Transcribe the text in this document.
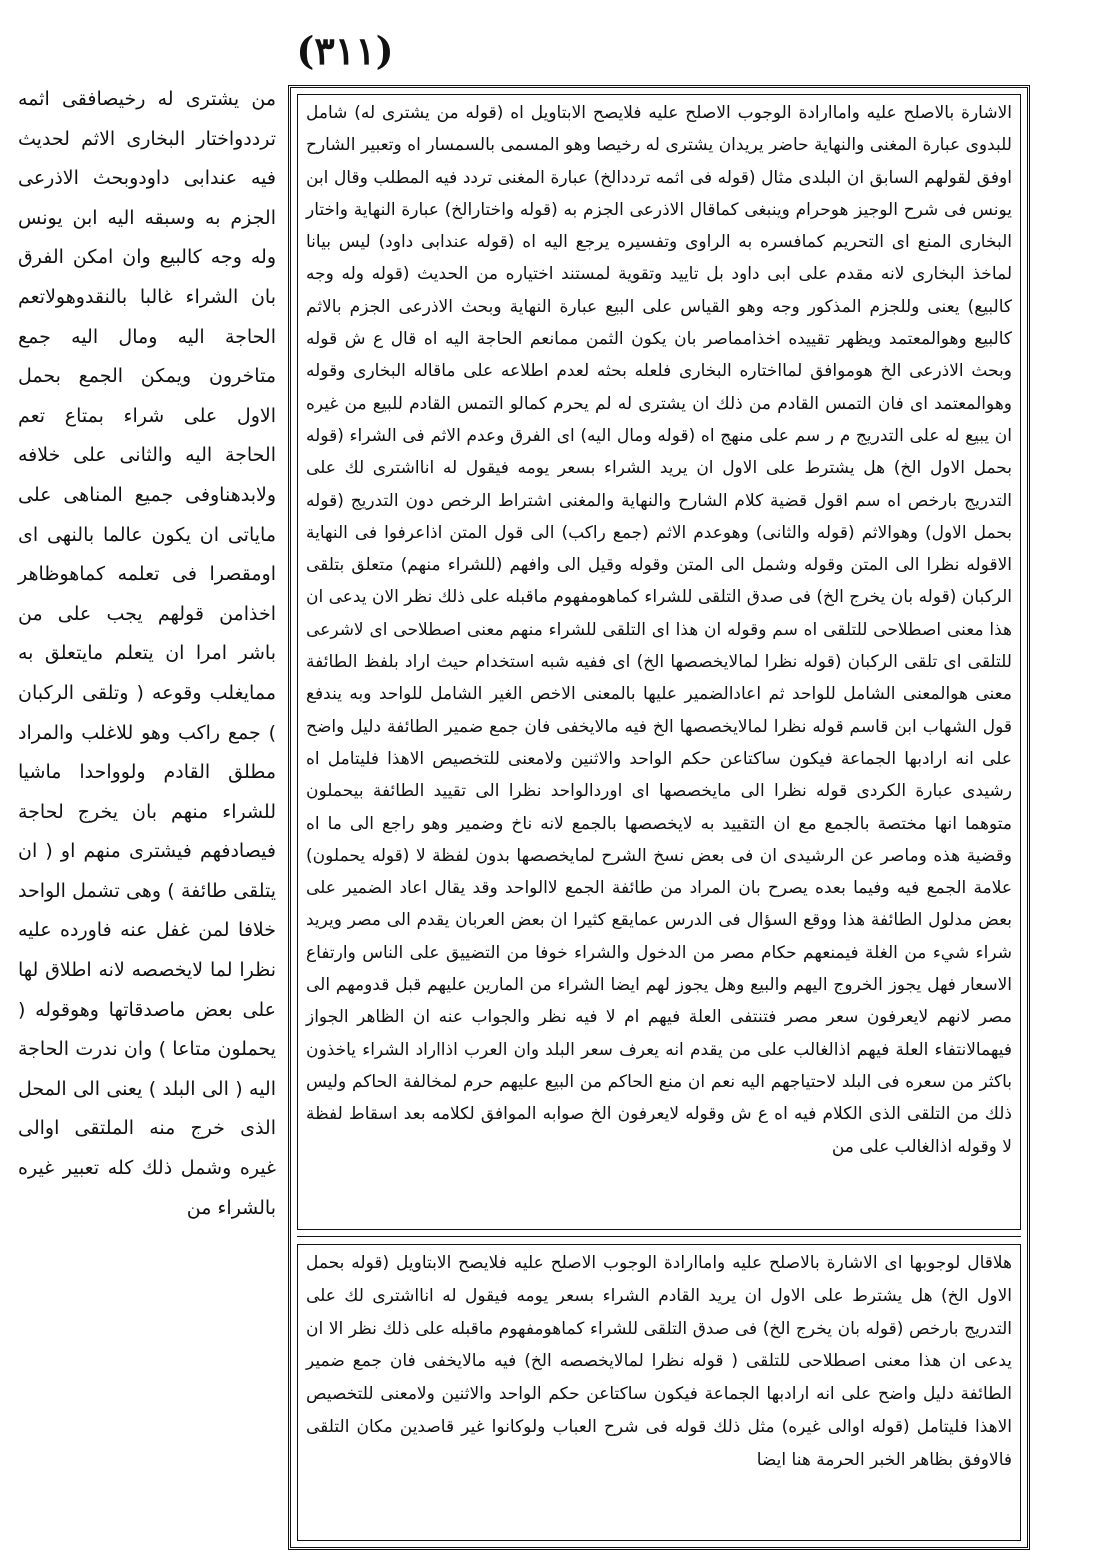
(٣١١)

من يشترى له رخيصافقى اثمه ترددواختار البخارى الاثم لحديث فيه عندابى داودوبحث الاذرعى الجزم به وسبقه اليه ابن يونس وله وجه كالبيع وان امكن الفرق بان الشراء غالبا بالنقدوهولاتعم الحاجة اليه ومال اليه جمع متاخرون ويمكن الجمع بحمل الاول على شراء بمتاع تعم الحاجة اليه والثانى على خلافه ولابدهناوفى جميع المناهى على ماياتى ان يكون عالما بالنهى اى اومقصرا فى تعلمه كماهوظاهر اخذامن قولهم يجب على من باشر امرا ان يتعلم مايتعلق به ممايغلب وقوعه ( وتلقى الركبان ) جمع راكب وهو للاغلب والمراد مطلق القادم ولوواحدا ماشيا للشراء منهم بان يخرج لحاجة فيصادفهم فيشترى منهم او ( ان يتلقى طائفة ) وهى تشمل الواحد خلافا لمن غفل عنه فاورده عليه نظرا لما لايخصصه لانه اطلاق لها على بعض ماصدقاتها وهوقوله ( يحملون متاعا ) وان ندرت الحاجة اليه ( الى البلد ) يعنى الى المحل الذى خرج منه الملتقى اوالى غيره وشمل ذلك كله تعبير غيره بالشراء من

الاشارة بالاصلح عليه واماارادة الوجوب الاصلح عليه فلايصح الابتاويل اه (قوله من يشترى له) شامل للبدوى عبارة المغنى والنهاية حاضر يريدان يشترى له رخيصا وهو المسمى بالسمسار اه وتعبير الشارح اوفق لقولهم السابق ان البلدى مثال (قوله فى اثمه ترددالخ) عبارة المغنى تردد فيه المطلب وقال ابن يونس فى شرح الوجيز هوحرام وينبغى كماقال الاذرعى الجزم به (قوله واختارالخ) عبارة النهاية واختار البخارى المنع اى التحريم كمافسره به الراوى وتفسيره يرجع اليه اه (قوله عندابى داود) ليس بيانا لماخذ البخارى لانه مقدم على ابى داود بل تاييد وتقوية لمستند اختياره من الحديث (قوله وله وجه كالبيع) يعنى وللجزم المذكور وجه وهو القياس على البيع عبارة النهاية وبحث الاذرعى الجزم بالاثم كالبيع وهوالمعتمد ويظهر تقييده اخذامماصر بان يكون الثمن ممانعم الحاجة اليه اه قال ع ش قوله وبحث الاذرعى الخ هوموافق لمااختاره البخارى فلعله بحثه لعدم اطلاعه على ماقاله البخارى وقوله وهوالمعتمد اى فان التمس القادم من ذلك ان يشترى له لم يحرم كمالو التمس القادم للبيع من غيره ان يبيع له على التدريج م ر سم على منهج اه (قوله ومال اليه) اى الفرق وعدم الاثم فى الشراء (قوله بحمل الاول الخ) هل يشترط على الاول ان يريد الشراء بسعر يومه فيقول له انااشترى لك على التدريج بارخص اه سم اقول قضية كلام الشارح والنهاية والمغنى اشتراط الرخص دون التدريج (قوله بحمل الاول) وهوالاثم (قوله والثانى) وهوعدم الاثم (جمع راكب) الى قول المتن اذاعرفوا فى النهاية الاقوله نظرا الى المتن وقوله وشمل الى المتن وقوله وقيل الى وافهم (للشراء منهم) متعلق بتلقى الركبان (قوله بان يخرج الخ) فى صدق التلقى للشراء كماهومفهوم ماقبله على ذلك نظر الان يدعى ان هذا معنى اصطلاحى للتلقى اه سم وقوله ان هذا اى التلقى للشراء منهم معنى اصطلاحى اى لاشرعى للتلقى اى تلقى الركبان (قوله نظرا لمالايخصصها الخ) اى ففيه شبه استخدام حيث اراد بلفظ الطائفة معنى هوالمعنى الشامل للواحد ثم اعادالضمير عليها بالمعنى الاخص الغير الشامل للواحد وبه يندفع قول الشهاب ابن قاسم قوله نظرا لمالايخصصها الخ فيه مالايخفى فان جمع ضمير الطائفة دليل واضح على انه ارادبها الجماعة فيكون ساكتاعن حكم الواحد والاثنين ولامعنى للتخصيص الاهذا فليتامل اه رشيدى عبارة الكردى قوله نظرا الى مايخصصها اى اوردالواحد نظرا الى تقييد الطائفة بيحملون متوهما انها مختصة بالجمع مع ان التقييد به لايخصصها بالجمع لانه ناخ وضمير وهو راجع الى ما اه وقضية هذه وماصر عن الرشيدى ان فى بعض نسخ الشرح لمايخصصها بدون لفظة لا (قوله يحملون) علامة الجمع فيه وفيما بعده يصرح بان المراد من طائفة الجمع لاالواحد وقد يقال اعاد الضمير على بعض مدلول الطائفة هذا ووقع السؤال فى الدرس عمايقع كثيرا ان بعض العربان يقدم الى مصر ويريد شراء شيء من الغلة فيمنعهم حكام مصر من الدخول والشراء خوفا من التضييق على الناس وارتفاع الاسعار فهل يجوز الخروج اليهم والبيع وهل يجوز لهم ايضا الشراء من المارين عليهم قبل قدومهم الى مصر لانهم لايعرفون سعر مصر فتنتفى العلة فيهم ام لا فيه نظر والجواب عنه ان الظاهر الجواز فيهمالانتفاء العلة فيهم اذالغالب على من يقدم انه يعرف سعر البلد وان العرب اذااراد الشراء ياخذون باكثر من سعره فى البلد لاحتياجهم اليه نعم ان منع الحاكم من البيع عليهم حرم لمخالفة الحاكم وليس ذلك من التلقى الذى الكلام فيه اه ع ش وقوله لايعرفون الخ صوابه الموافق لكلامه بعد اسقاط لفظة لا وقوله اذالغالب على من

هلاقال لوجوبها اى الاشارة بالاصلح عليه واماارادة الوجوب الاصلح عليه فلايصح الابتاويل (قوله بحمل الاول الخ) هل يشترط على الاول ان يريد القادم الشراء بسعر يومه فيقول له انااشترى لك على التدريج بارخص (قوله بان يخرج الخ) فى صدق التلقى للشراء كماهومفهوم ماقبله على ذلك نظر الا ان يدعى ان هذا معنى اصطلاحى للتلقى ( قوله نظرا لمالايخصصه الخ) فيه مالايخفى فان جمع ضمير الطائفة دليل واضح على انه ارادبها الجماعة فيكون ساكتاعن حكم الواحد والاثنين ولامعنى للتخصيص الاهذا فليتامل (قوله اوالى غيره) مثل ذلك قوله فى شرح العباب ولوكانوا غير قاصدين مكان التلقى فالاوفق بظاهر الخبر الحرمة هنا ايضا
